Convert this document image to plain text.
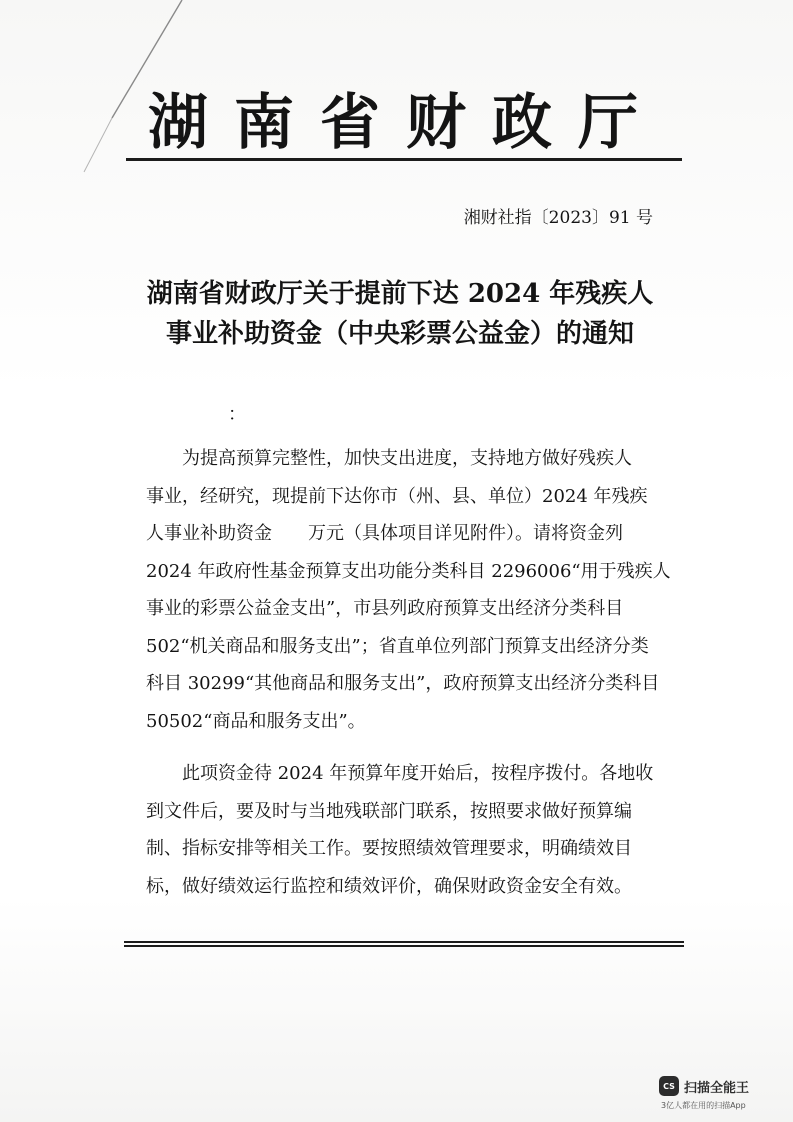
湖南省财政厅
湘财社指〔2023〕91 号
湖南省财政厅关于提前下达 2024 年残疾人
事业补助资金（中央彩票公益金）的通知
：
为提高预算完整性，加快支出进度，支持地方做好残疾人
事业，经研究，现提前下达你市（州、县、单位）2024 年残疾
人事业补助资金　　万元（具体项目详见附件）。请将资金列
2024 年政府性基金预算支出功能分类科目 2296006“用于残疾人
事业的彩票公益金支出”，市县列政府预算支出经济分类科目
502“机关商品和服务支出”；省直单位列部门预算支出经济分类
科目 30299“其他商品和服务支出”，政府预算支出经济分类科目
50502“商品和服务支出”。
此项资金待 2024 年预算年度开始后，按程序拨付。各地收
到文件后，要及时与当地残联部门联系，按照要求做好预算编
制、指标安排等相关工作。要按照绩效管理要求，明确绩效目
标，做好绩效运行监控和绩效评价，确保财政资金安全有效。
CS 扫描全能王
3亿人都在用的扫描App
